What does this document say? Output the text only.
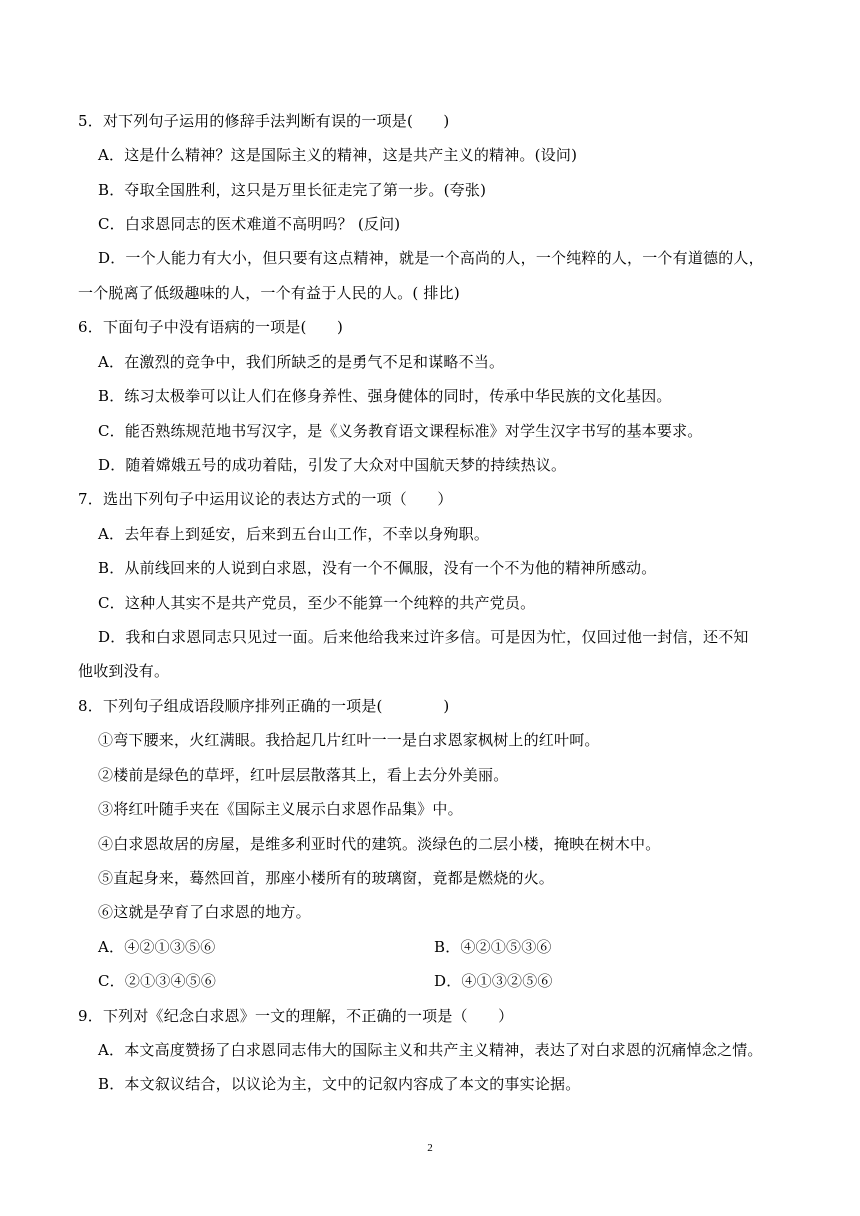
5．对下列句子运用的修辞手法判断有误的一项是(　　)
A．这是什么精神？这是国际主义的精神，这是共产主义的精神。(设问)
B．夺取全国胜利，这只是万里长征走完了第一步。(夸张)
C．白求恩同志的医术难道不高明吗？ (反问)
D．一个人能力有大小，但只要有这点精神，就是一个高尚的人，一个纯粹的人，一个有道德的人，
一个脱离了低级趣味的人，一个有益于人民的人。( 排比)
6．下面句子中没有语病的一项是(　　)
A．在激烈的竞争中，我们所缺乏的是勇气不足和谋略不当。
B．练习太极拳可以让人们在修身养性、强身健体的同时，传承中华民族的文化基因。
C．能否熟练规范地书写汉字，是《义务教育语文课程标准》对学生汉字书写的基本要求。
D．随着嫦娥五号的成功着陆，引发了大众对中国航天梦的持续热议。
7．选出下列句子中运用议论的表达方式的一项（　　）
A．去年春上到延安，后来到五台山工作，不幸以身殉职。
B．从前线回来的人说到白求恩，没有一个不佩服，没有一个不为他的精神所感动。
C．这种人其实不是共产党员，至少不能算一个纯粹的共产党员。
D．我和白求恩同志只见过一面。后来他给我来过许多信。可是因为忙，仅回过他一封信，还不知
他收到没有。
8．下列句子组成语段顺序排列正确的一项是(　　　　)
①弯下腰来，火红满眼。我拾起几片红叶一一是白求恩家枫树上的红叶呵。
②楼前是绿色的草坪，红叶层层散落其上，看上去分外美丽。
③将红叶随手夹在《国际主义展示白求恩作品集》中。
④白求恩故居的房屋，是维多利亚时代的建筑。淡绿色的二层小楼，掩映在树木中。
⑤直起身来，蓦然回首，那座小楼所有的玻璃窗，竟都是燃烧的火。
⑥这就是孕育了白求恩的地方。
A．④②①③⑤⑥	B．④②①⑤③⑥
C．②①③④⑤⑥	D．④①③②⑤⑥
9．下列对《纪念白求恩》一文的理解，不正确的一项是（　　）
A．本文高度赞扬了白求恩同志伟大的国际主义和共产主义精神，表达了对白求恩的沉痛悼念之情。
B．本文叙议结合，以议论为主，文中的记叙内容成了本文的事实论据。
2
